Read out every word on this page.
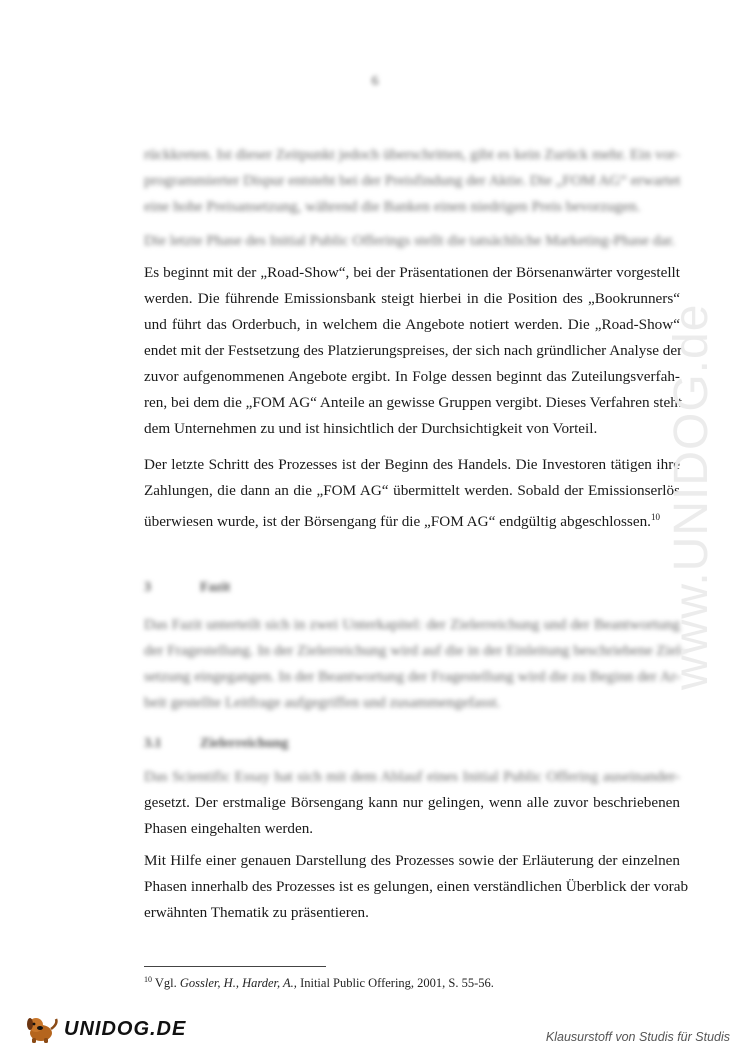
6
rückkreten. Ist dieser Zeitpunkt jedoch überschritten, gibt es kein Zurück mehr. Ein vor-
programmierter Dispur entsteht bei der Preisfindung der Aktie. Die „FOM AG“ erwartet
eine hohe Preisansetzung, während die Banken einen niedrigen Preis bevorzugen.
Die letzte Phase des Initial Public Offerings stellt die tatsächliche Marketing-Phase dar.
Es beginnt mit der „Road-Show“, bei der Präsentationen der Börsenanwärter vorgestellt
werden. Die führende Emissionsbank steigt hierbei in die Position des „Bookrunners“
und führt das Orderbuch, in welchem die Angebote notiert werden. Die „Road-Show“
endet mit der Festsetzung des Platzierungspreises, der sich nach gründlicher Analyse der
zuvor aufgenommenen Angebote ergibt. In Folge dessen beginnt das Zuteilungsverfah-
ren, bei dem die „FOM AG“ Anteile an gewisse Gruppen vergibt. Dieses Verfahren steht
dem Unternehmen zu und ist hinsichtlich der Durchsichtigkeit von Vorteil.
Der letzte Schritt des Prozesses ist der Beginn des Handels. Die Investoren tätigen ihre
Zahlungen, die dann an die „FOM AG“ übermittelt werden. Sobald der Emissionserlös
überwiesen wurde, ist der Börsengang für die „FOM AG“ endgültig abgeschlossen.$^{10}$
3	Fazit
Das Fazit unterteilt sich in zwei Unterkapitel: der Zielerreichung und der Beantwortung
der Fragestellung. In der Zielerreichung wird auf die in der Einleitung beschriebene Ziel-
setzung eingegangen. In der Beantwortung der Fragestellung wird die zu Beginn der Ar-
beit gestellte Leitfrage aufgegriffen und zusammengefasst.
3.1	Zielerreichung
Das Scientific Essay hat sich mit dem Ablauf eines Initial Public Offering auseinander-
gesetzt. Der erstmalige Börsengang kann nur gelingen, wenn alle zuvor beschriebenen
Phasen eingehalten werden.
Mit Hilfe einer genauen Darstellung des Prozesses sowie der Erläuterung der einzelnen
Phasen innerhalb des Prozesses ist es gelungen, einen verständlichen Überblick der vorab
erwähnten Thematik zu präsentieren.
$^{10}$ Vgl. Gossler, H., Harder, A., Initial Public Offering, 2001, S. 55-56.
www.UNIDOG.de
UNIDOG.DE	Klausurstoff von Studis für Studis
